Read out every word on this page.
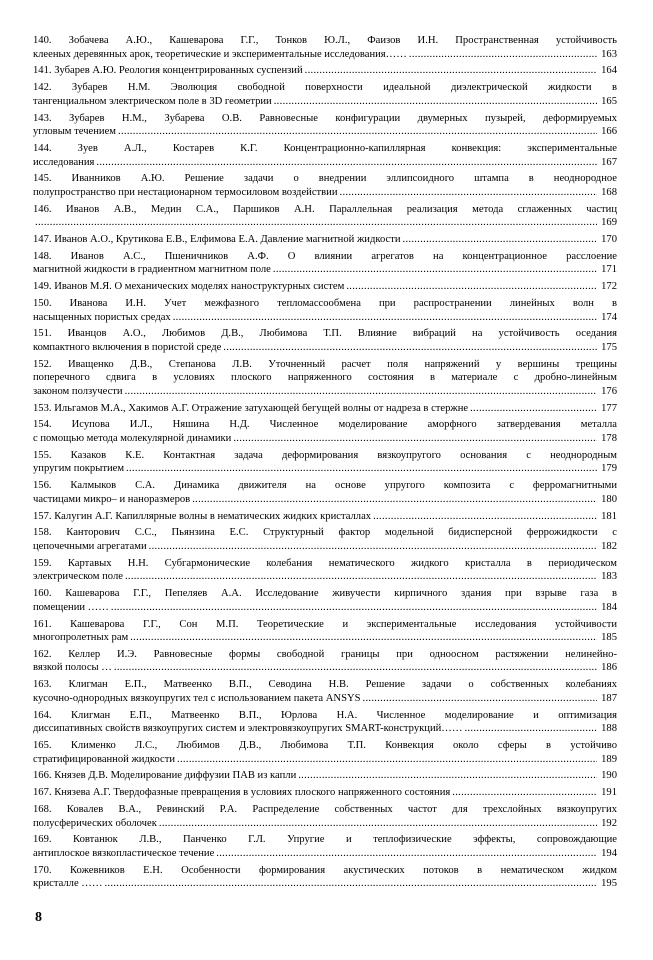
140. Зобачева А.Ю., Кашеварова Г.Г., Тонков Ю.Л., Фаизов И.Н. Пространственная устойчивость
клееных деревянных арок, теоретические и экспериментальные исследования…… .....	163
141. Зубарев А.Ю. Реология концентрированных суспензий .....	164
142. Зубарев Н.М. Эволюция свободной поверхности идеальной диэлектрической жидкости в
тангенциальном электрическом поле в 3D геометрии .....	165
143. Зубарев Н.М., Зубарева О.В. Равновесные конфигурации двумерных пузырей, деформируемых
угловым течением .....	166
144. Зуев А.Л., Костарев К.Г. Концентрационно-капиллярная конвекция: экспериментальные
исследования .....	167
145. Иванников А.Ю. Решение задачи о внедрении эллипсоидного штампа в неоднородное
полупространство при нестационарном термосиловом воздействии .....	168
146. Иванов А.В., Медин С.А., Паршиков А.Н. Параллельная реализация метода сглаженных частиц
.....
169
147. Иванов А.О., Крутикова Е.В., Елфимова Е.А. Давление магнитной жидкости .....	170
148. Иванов А.С., Пшеничников А.Ф. О влиянии агрегатов на концентрационное расслоение
магнитной жидкости в градиентном магнитном поле .....	171
149. Иванов М.Я. О механических моделях наноструктурных систем .....	172
150. Иванова И.Н. Учет межфазного тепломассообмена при распространении линейных волн в
насыщенных пористых средах .....	174
151. Иванцов А.О., Любимов Д.В., Любимова Т.П. Влияние вибраций на устойчивость оседания
компактного включения в пористой среде .....	175
152. Иващенко Д.В., Степанова Л.В. Уточненный расчет поля напряжений у вершины трещины
поперечного сдвига в условиях плоского напряженного состояния в материале с дробно-линейным
законом ползучести .....	176
153. Ильгамов М.А., Хакимов А.Г. Отражение затухающей бегущей волны от надреза в стержне .....	177
154. Исупова И.Л., Няшина Н.Д. Численное моделирование аморфного затвердевания металла
с помощью метода молекулярной динамики .....	178
155. Казаков К.Е. Контактная задача деформирования вязкоупругого основания с неоднородным
упругим покрытием .....	179
156. Калмыков С.А. Динамика движителя на основе упругого композита с ферромагнитными
частицами микро– и наноразмеров .....	180
157. Калугин А.Г. Капиллярные волны в нематических жидких кристаллах .....	181
158. Канторович С.С., Пьянзина Е.С. Структурный фактор модельной бидисперсной феррожидкости с
цепочечными агрегатами .....	182
159. Картавых Н.Н. Субгармонические колебания нематического жидкого кристалла в периодическом
электрическом поле .....	183
160. Кашеварова Г.Г., Пепеляев А.А. Исследование живучести кирпичного здания при взрыве газа в
помещении …… .....	184
161. Кашеварова Г.Г., Сон М.П. Теоретические и экспериментальные исследования устойчивости
многопролетных рам .....	185
162. Келлер И.Э. Равновесные формы свободной границы при одноосном растяжении нелинейно-
вязкой полосы … .....	186
163. Клигман Е.П., Матвеенко В.П., Севодина Н.В. Решение задачи о собственных колебаниях
кусочно-однородных вязкоупругих тел с использованием пакета ANSYS .....	187
164. Клигман Е.П., Матвеенко В.П., Юрлова Н.А. Численное моделирование и оптимизация
диссипативных свойств вязкоупругих систем и электровязкоупругих SMART-конструкций…… .....	188
165. Клименко Л.С., Любимов Д.В., Любимова Т.П. Конвекция около сферы в устойчиво
стратифицированной жидкости .....	189
166. Князев Д.В. Моделирование диффузии ПАВ из капли .....	190
167. Князева А.Г. Твердофазные превращения в условиях плоского напряженного состояния .....	191
168. Ковалев В.А., Ревинский Р.А. Распределение собственных частот для трехслойных вязкоупругих
полусферических оболочек .....	192
169. Ковтанюк Л.В., Панченко Г.Л. Упругие и теплофизические эффекты, сопровождающие
антиплоское вязкопластическое течение .....	194
170. Кожевников Е.Н. Особенности формирования акустических потоков в нематическом жидком
кристалле …… .....	195
8
